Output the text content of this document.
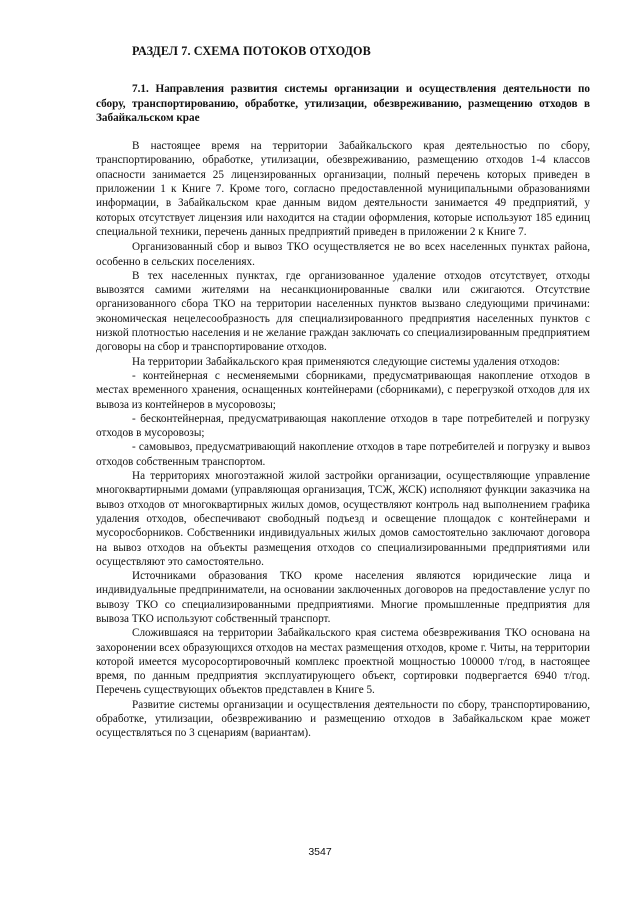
РАЗДЕЛ 7. СХЕМА ПОТОКОВ ОТХОДОВ
7.1. Направления развития системы организации и осуществления деятельности по сбору, транспортированию, обработке, утилизации, обезвреживанию, размещению отходов в Забайкальском крае

В настоящее время на территории Забайкальского края деятельностью по сбору, транспортированию, обработке, утилизации, обезвреживанию, размещению отходов 1-4 классов опасности занимается 25 лицензированных организации, полный перечень которых приведен в приложении 1 к Книге 7. Кроме того, согласно предоставленной муниципальными образованиями информации, в Забайкальском крае данным видом деятельности занимается 49 предприятий, у которых отсутствует лицензия или находится на стадии оформления, которые используют 185 единиц специальной техники, перечень данных предприятий приведен в приложении 2 к Книге 7.

Организованный сбор и вывоз ТКО осуществляется не во всех населенных пунктах района, особенно в сельских поселениях.

В тех населенных пунктах, где организованное удаление отходов отсутствует, отходы вывозятся самими жителями на несанкционированные свалки или сжигаются. Отсутствие организованного сбора ТКО на территории населенных пунктов вызвано следующими причинами: экономическая нецелесообразность для специализированного предприятия населенных пунктов с низкой плотностью населения и не желание граждан заключать со специализированным предприятием договоры на сбор и транспортирование отходов.

На территории Забайкальского края применяются следующие системы удаления отходов:

- контейнерная с несменяемыми сборниками, предусматривающая накопление отходов в местах временного хранения, оснащенных контейнерами (сборниками), с перегрузкой отходов для их вывоза из контейнеров в мусоровозы;

- бесконтейнерная, предусматривающая накопление отходов в таре потребителей и погрузку отходов в мусоровозы;

- самовывоз, предусматривающий накопление отходов в таре потребителей и погрузку и вывоз отходов собственным транспортом.

На территориях многоэтажной жилой застройки организации, осуществляющие управление многоквартирными домами (управляющая организация, ТСЖ, ЖСК) исполняют функции заказчика на вывоз отходов от многоквартирных жилых домов, осуществляют контроль над выполнением графика удаления отходов, обеспечивают свободный подъезд и освещение площадок с контейнерами и мусоросборников. Собственники индивидуальных жилых домов самостоятельно заключают договора на вывоз отходов на объекты размещения отходов со специализированными предприятиями или осуществляют это самостоятельно.

Источниками образования ТКО кроме населения являются юридические лица и индивидуальные предприниматели, на основании заключенных договоров на предоставление услуг по вывозу ТКО со специализированными предприятиями. Многие промышленные предприятия для вывоза ТКО используют собственный транспорт.

Сложившаяся на территории Забайкальского края система обезвреживания ТКО основана на захоронении всех образующихся отходов на местах размещения отходов, кроме г. Читы, на территории которой имеется мусоросортировочный комплекс проектной мощностью 100000 т/год, в настоящее время, по данным предприятия эксплуатирующего объект, сортировки подвергается 6940 т/год. Перечень существующих объектов представлен в Книге 5.

Развитие системы организации и осуществления деятельности по сбору, транспортированию, обработке, утилизации, обезвреживанию и размещению отходов в Забайкальском крае может осуществляться по 3 сценариям (вариантам).

3547
